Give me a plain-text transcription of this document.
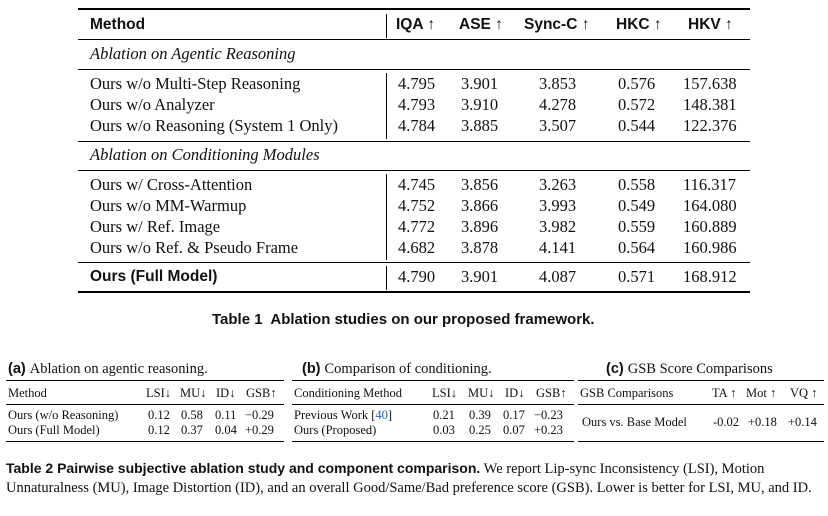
Method	IQA ↑ ASE ↑ Sync-C ↑ HKC ↑ HKV ↑
Ablation on Agentic Reasoning
Ours w/o Multi-Step Reasoning	4.795 3.901 3.853	0.576 157.638
Ours w/o Analyzer	4.793 3.910 4.278	0.572 148.381
Ours w/o Reasoning (System 1 Only)	4.784 3.885 3.507	0.544 122.376
Ablation on Conditioning Modules
Ours w/ Cross-Attention	4.745 3.856 3.263	0.558 116.317
Ours w/o MM-Warmup	4.752 3.866 3.993	0.549 164.080
Ours w/ Ref. Image	4.772 3.896 3.982	0.559 160.889
Ours w/o Ref. & Pseudo Frame	4.682 3.878 4.141	0.564 160.986
Ours (Full Model)	4.790 3.901 4.087	0.571 168.912
Table 1 Ablation studies on our proposed framework.
(a) Ablation on agentic reasoning.
Method	LSI↓ MU↓ ID↓ GSB↑
Ours (w/o Reasoning) 0.12 0.58 0.11 −0.29
Ours (Full Model)	0.12 0.37 0.04 +0.29
(b) Comparison of conditioning.
Conditioning Method LSI↓ MU↓ ID↓ GSB↑
Previous Work [40]	0.21 0.39 0.17 −0.23
Ours (Proposed)	0.03 0.25 0.07 +0.23
(c) GSB Score Comparisons
GSB Comparisons	TA ↑ Mot ↑ VQ ↑
Ours vs. Base Model -0.02 +0.18 +0.14
Table 2 Pairwise subjective ablation study and component comparison. We report Lip-sync Inconsistency (LSI), Motion Unnaturalness (MU), Image Distortion (ID), and an overall Good/Same/Bad preference score (GSB). Lower is better for LSI, MU, and ID.
